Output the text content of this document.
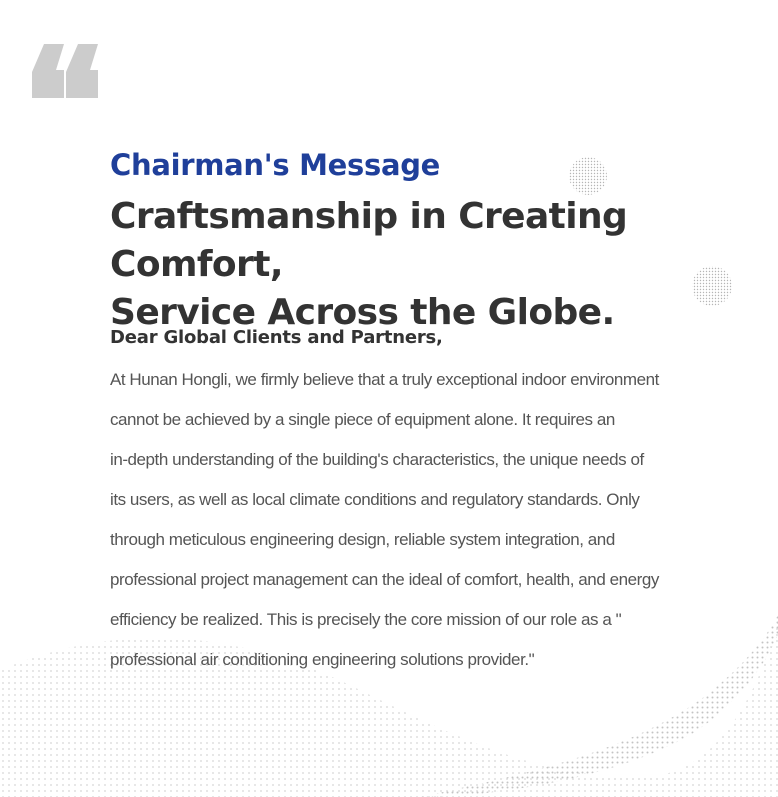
Chairman's Message
Craftsmanship in Creating Comfort,
Service Across the Globe.

Dear Global Clients and Partners,

At Hunan Hongli, we firmly believe that a truly exceptional indoor environment
cannot be achieved by a single piece of equipment alone. It requires an
in-depth understanding of the building's characteristics, the unique needs of
its users, as well as local climate conditions and regulatory standards. Only
through meticulous engineering design, reliable system integration, and
professional project management can the ideal of comfort, health, and energy
efficiency be realized. This is precisely the core mission of our role as a "
professional air conditioning engineering solutions provider."
